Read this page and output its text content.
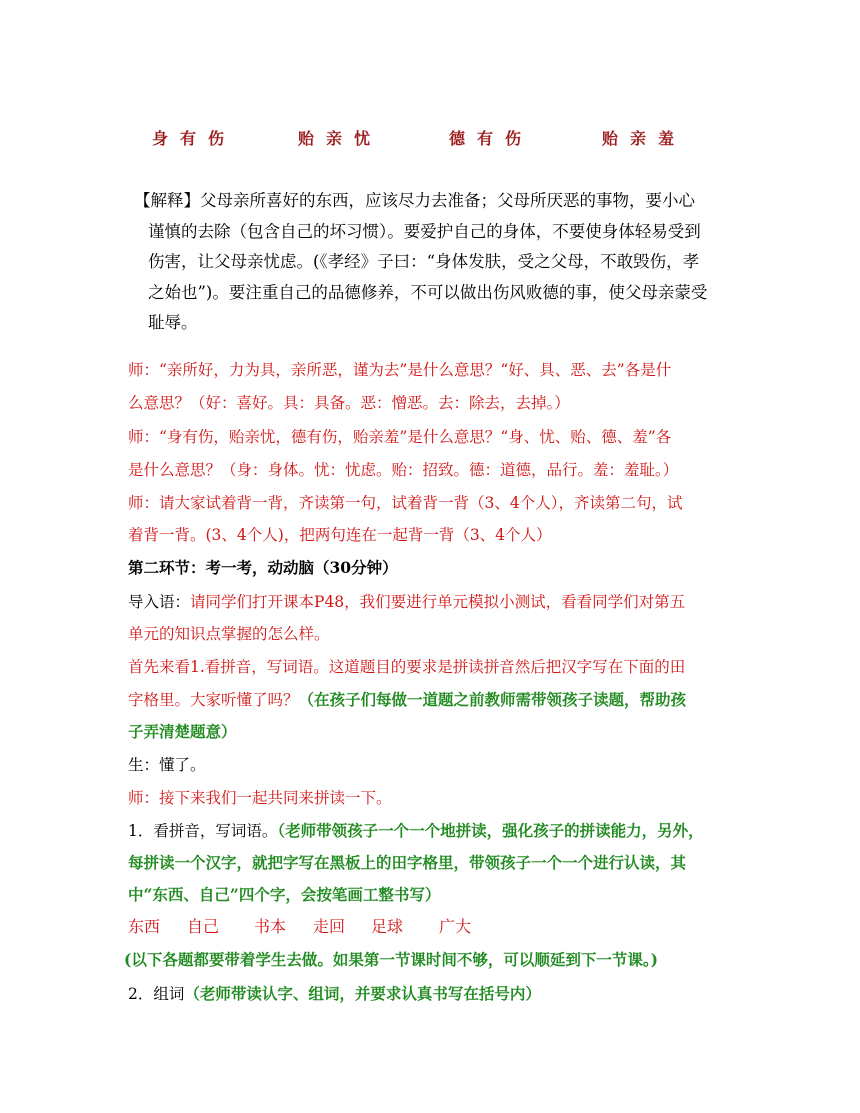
身有伤	贻亲忧	德有伤	贻亲羞
【解释】父母亲所喜好的东西，应该尽力去准备；父母所厌恶的事物，要小心
谨慎的去除（包含自己的坏习惯）。要爱护自己的身体，不要使身体轻易受到
伤害，让父母亲忧虑。(《孝经》子曰：“身体发肤，受之父母，不敢毁伤，孝
之始也”)。要注重自己的品德修养，不可以做出伤风败德的事，使父母亲蒙受
耻辱。
师：“亲所好，力为具，亲所恶，谨为去”是什么意思？“好、具、恶、去”各是什
么意思？（好：喜好。具：具备。恶：憎恶。去：除去，去掉。）
师：“身有伤，贻亲忧，德有伤，贻亲羞”是什么意思？“身、忧、贻、德、羞”各
是什么意思？（身：身体。忧：忧虑。贻：招致。德：道德，品行。羞：羞耻。）
师：请大家试着背一背，齐读第一句，试着背一背（3、4个人），齐读第二句，试
着背一背。(3、4个人)，把两句连在一起背一背（3、4个人）
第二环节：考一考，动动脑（30分钟）
导入语：请同学们打开课本P48，我们要进行单元模拟小测试，看看同学们对第五
单元的知识点掌握的怎么样。
首先来看1.看拼音，写词语。这道题目的要求是拼读拼音然后把汉字写在下面的田
字格里。大家听懂了吗？（在孩子们每做一道题之前教师需带领孩子读题，帮助孩
子弄清楚题意）
生：懂了。
师：接下来我们一起共同来拼读一下。
1．看拼音，写词语。（老师带领孩子一个一个地拼读，强化孩子的拼读能力，另外，
每拼读一个汉字，就把字写在黑板上的田字格里，带领孩子一个一个进行认读，其
中“东西、自己”四个字，会按笔画工整书写）
东西 自己 书本 走回 足球 广大
(以下各题都要带着学生去做。如果第一节课时间不够，可以顺延到下一节课。)
2．组词（老师带读认字、组词，并要求认真书写在括号内）
